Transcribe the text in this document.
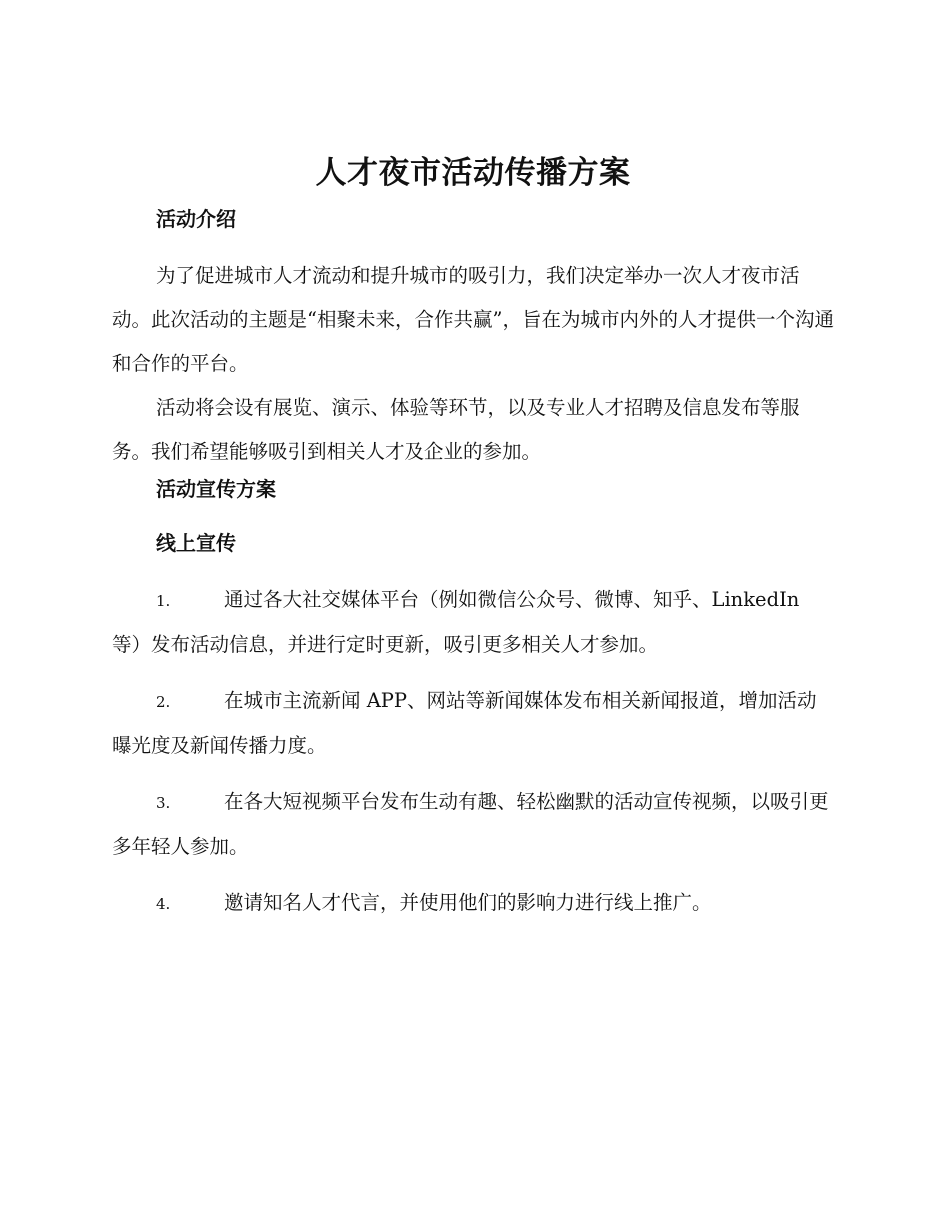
人才夜市活动传播方案
活动介绍

为了促进城市人才流动和提升城市的吸引力，我们决定举办一次人才夜市活动。此次活动的主题是“相聚未来，合作共赢”，旨在为城市内外的人才提供一个沟通和合作的平台。

活动将会设有展览、演示、体验等环节，以及专业人才招聘及信息发布等服务。我们希望能够吸引到相关人才及企业的参加。

活动宣传方案
线上宣传
1.	通过各大社交媒体平台（例如微信公众号、微博、知乎、LinkedIn 等）发布活动信息，并进行定时更新，吸引更多相关人才参加。
2.	在城市主流新闻 APP、网站等新闻媒体发布相关新闻报道，增加活动曝光度及新闻传播力度。
3.	在各大短视频平台发布生动有趣、轻松幽默的活动宣传视频，以吸引更多年轻人参加。
4.	邀请知名人才代言，并使用他们的影响力进行线上推广。
